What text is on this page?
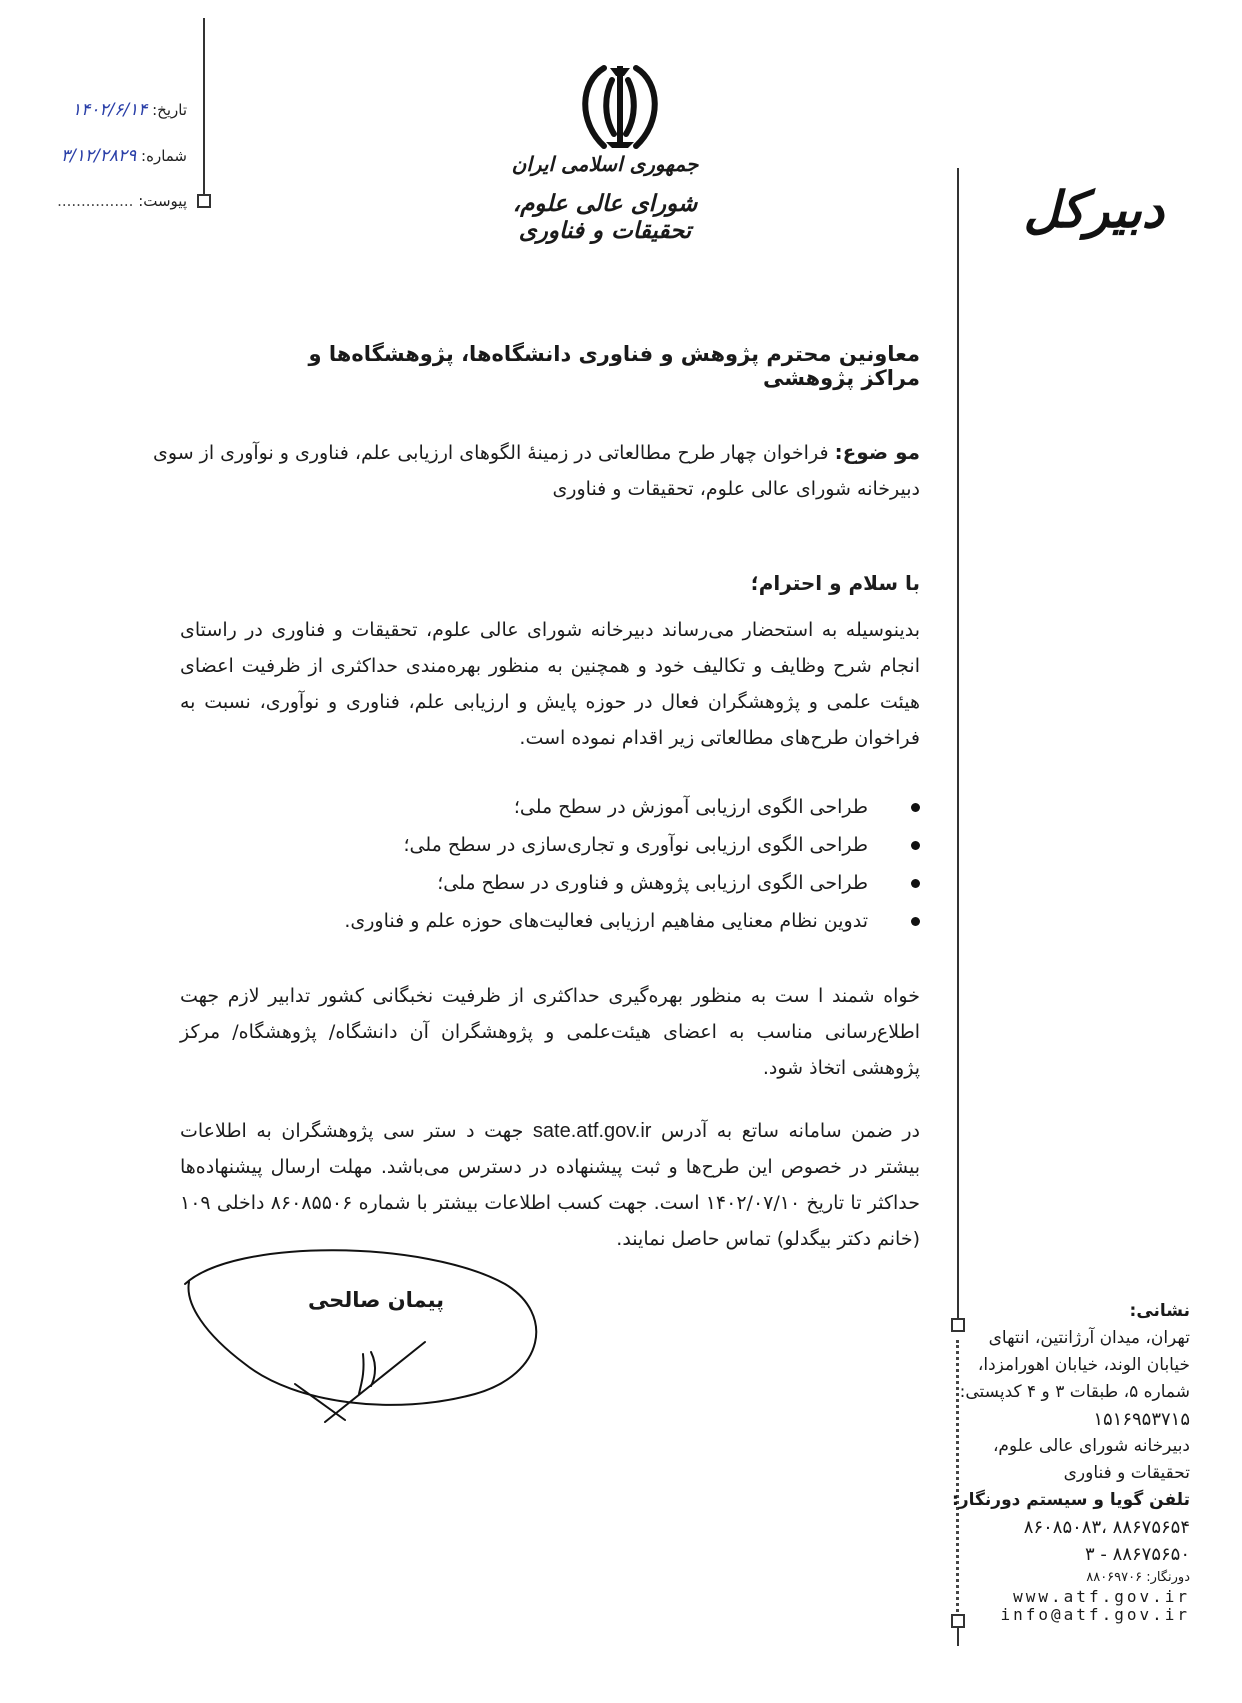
تاریخ: ۱۴۰۲/۶/۱۴
شماره: ۳/۱۲/۲۸۲۹
پیوست: ................
جمهوری اسلامی ایران
شورای عالی علوم، تحقیقات و فناوری	دبیرکل
معاونین محترم پژوهش و فناوری دانشگاه‌ها، پژوهشگاه‌ها و مراکز پژوهشی
مو ضوع: فراخوان چهار طرح مطالعاتی در زمینهٔ الگوهای ارزیابی علم، فناوری و نوآوری از سوی دبیرخانه شورای عالی علوم، تحقیقات و فناوری
با سلام و احترام؛
بدینوسیله به استحضار می‌رساند دبیرخانه شورای عالی علوم، تحقیقات و فناوری در راستای انجام شرح وظایف و تکالیف خود و همچنین به منظور بهره‌مندی حداکثری از ظرفیت اعضای هیئت علمی و پژوهشگران فعال در حوزه پایش و ارزیابی علم، فناوری و نوآوری، نسبت به فراخوان طرح‌های مطالعاتی زیر اقدام نموده است.
طراحی الگوی ارزیابی آموزش در سطح ملی؛
طراحی الگوی ارزیابی نوآوری و تجاری‌سازی در سطح ملی؛
طراحی الگوی ارزیابی پژوهش و فناوری در سطح ملی؛
تدوین نظام معنایی مفاهیم ارزیابی فعالیت‌های حوزه علم و فناوری.
خواه شمند ا ست به منظور بهره‌گیری حداکثری از ظرفیت نخبگانی کشور تدابیر لازم جهت اطلاع‌رسانی مناسب به اعضای هیئت‌علمی و پژوهشگران آن دانشگاه/ پژوهشگاه/ مرکز پژوهشی اتخاذ شود.
در ضمن سامانه ساتع به آدرس sate.atf.gov.ir جهت د ستر سی پژوهشگران به اطلاعات بیشتر در خصوص این طرح‌ها و ثبت پیشنهاده در دسترس می‌باشد. مهلت ارسال پیشنهاده‌ها حداکثر تا تاریخ ۱۴۰۲/۰۷/۱۰ است. جهت کسب اطلاعات بیشتر با شماره ۸۶۰۸۵۵۰۶ داخلی ۱۰۹ (خانم دکتر بیگدلو) تماس حاصل نمایند.
پیمان صالحی	نشانی:
تهران، میدان آرژانتین، انتهای
خیابان الوند، خیابان اهورامزدا،
شماره ۵، طبقات ۳ و ۴ کدپستی:
۱۵۱۶۹۵۳۷۱۵
دبیرخانه شورای عالی علوم،
تحقیقات و فناوری
تلفن گویا و سیستم دورنگار:
۸۸۶۷۵۶۵۴ ،۸۶۰۸۵۰۸۳
۸۸۶۷۵۶۵۰ - ۳
دورنگار: ۸۸۰۶۹۷۰۶
www.atf.gov.ir
info@atf.gov.ir
